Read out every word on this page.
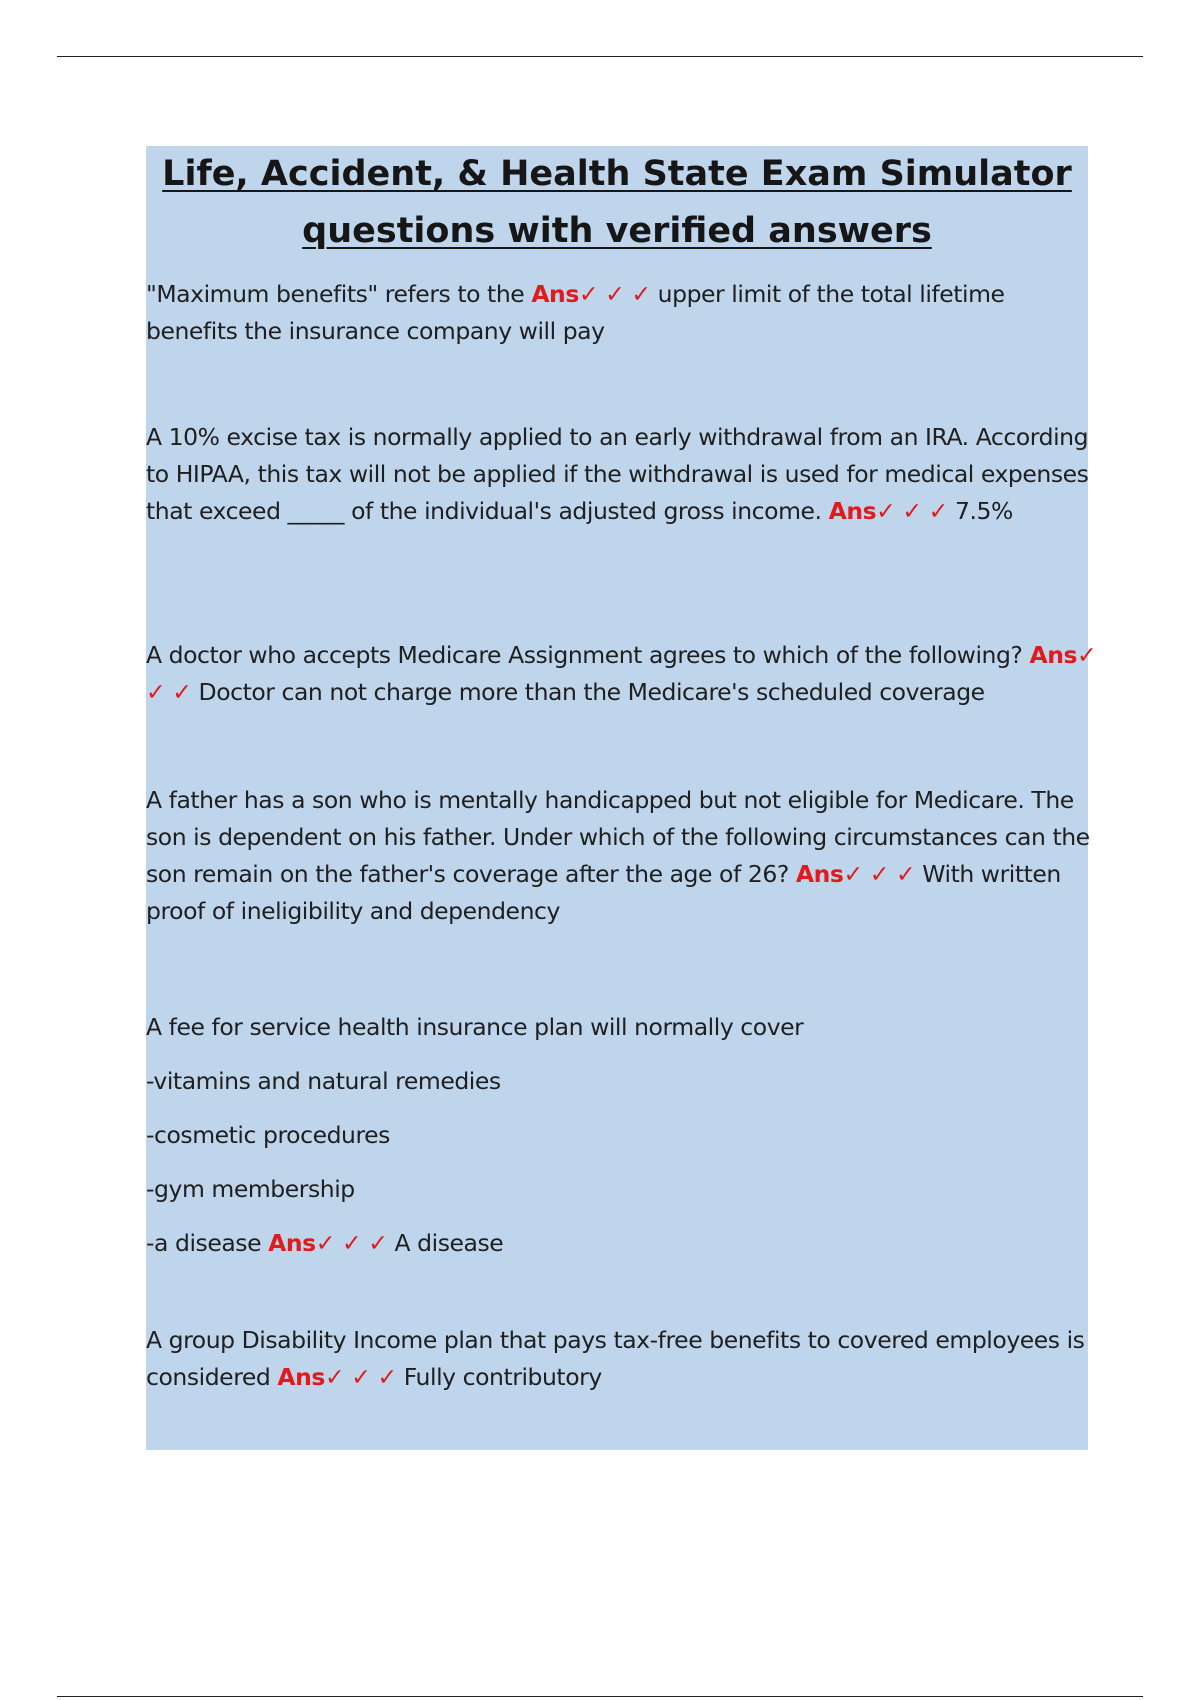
Life, Accident, & Health State Exam Simulator
questions with verified answers

"Maximum benefits" refers to the Ans✓ ✓ ✓ upper limit of the total lifetime benefits the insurance company will pay

A 10% excise tax is normally applied to an early withdrawal from an IRA. According to HIPAA, this tax will not be applied if the withdrawal is used for medical expenses that exceed _____ of the individual's adjusted gross income. Ans✓ ✓ ✓ 7.5%

A doctor who accepts Medicare Assignment agrees to which of the following? Ans✓ ✓ ✓ Doctor can not charge more than the Medicare's scheduled coverage

A father has a son who is mentally handicapped but not eligible for Medicare. The son is dependent on his father. Under which of the following circumstances can the son remain on the father's coverage after the age of 26? Ans✓ ✓ ✓ With written proof of ineligibility and dependency

A fee for service health insurance plan will normally cover

-vitamins and natural remedies

-cosmetic procedures

-gym membership

-a disease Ans✓ ✓ ✓ A disease

A group Disability Income plan that pays tax-free benefits to covered employees is considered Ans✓ ✓ ✓ Fully contributory
